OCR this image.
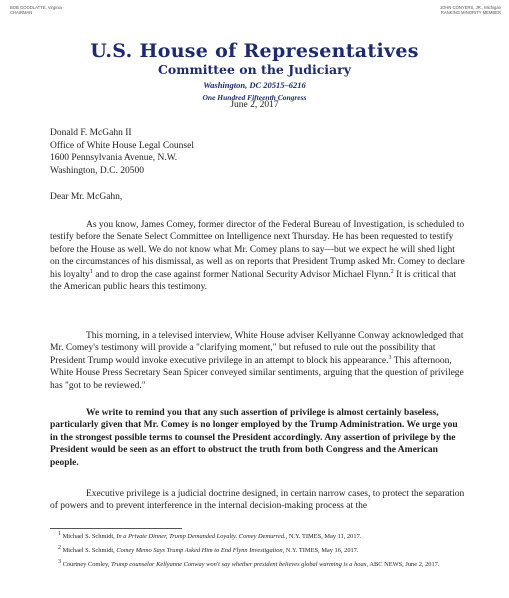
BOB GOODLATTE, Virginia
CHAIRMAN
JOHN CONYERS, JR., Michigan
RANKING MINORITY MEMBER
U.S. House of Representatives
Committee on the Judiciary
Washington, DC 20515–6216
One Hundred Fifteenth Congress
June 2, 2017
Donald F. McGahn II
Office of White House Legal Counsel
1600 Pennsylvania Avenue, N.W.
Washington, D.C. 20500
Dear Mr. McGahn,
As you know, James Comey, former director of the Federal Bureau of Investigation, is scheduled to testify before the Senate Select Committee on Intelligence next Thursday. He has been requested to testify before the House as well. We do not know what Mr. Comey plans to say—but we expect he will shed light on the circumstances of his dismissal, as well as on reports that President Trump asked Mr. Comey to declare his loyalty$^1$ and to drop the case against former National Security Advisor Michael Flynn.$^2$ It is critical that the American public hears this testimony.
This morning, in a televised interview, White House adviser Kellyanne Conway acknowledged that Mr. Comey's testimony will provide a "clarifying moment," but refused to rule out the possibility that President Trump would invoke executive privilege in an attempt to block his appearance.$^3$ This afternoon, White House Press Secretary Sean Spicer conveyed similar sentiments, arguing that the question of privilege has "got to be reviewed."
We write to remind you that any such assertion of privilege is almost certainly baseless, particularly given that Mr. Comey is no longer employed by the Trump Administration. We urge you in the strongest possible terms to counsel the President accordingly. Any assertion of privilege by the President would be seen as an effort to obstruct the truth from both Congress and the American people.
Executive privilege is a judicial doctrine designed, in certain narrow cases, to protect the separation of powers and to prevent interference in the internal decision-making process at the
$^1$ Michael S. Schmidt, In a Private Dinner, Trump Demanded Loyalty. Comey Demurred., N.Y. TIMES, May 11, 2017.
$^2$ Michael S. Schmidt, Comey Memo Says Trump Asked Him to End Flynn Investigation, N.Y. TIMES, May 16, 2017.
$^3$ Courtney Comley, Trump counselor Kellyanne Conway won't say whether president believes global warming is a hoax, ABC NEWS, June 2, 2017.
